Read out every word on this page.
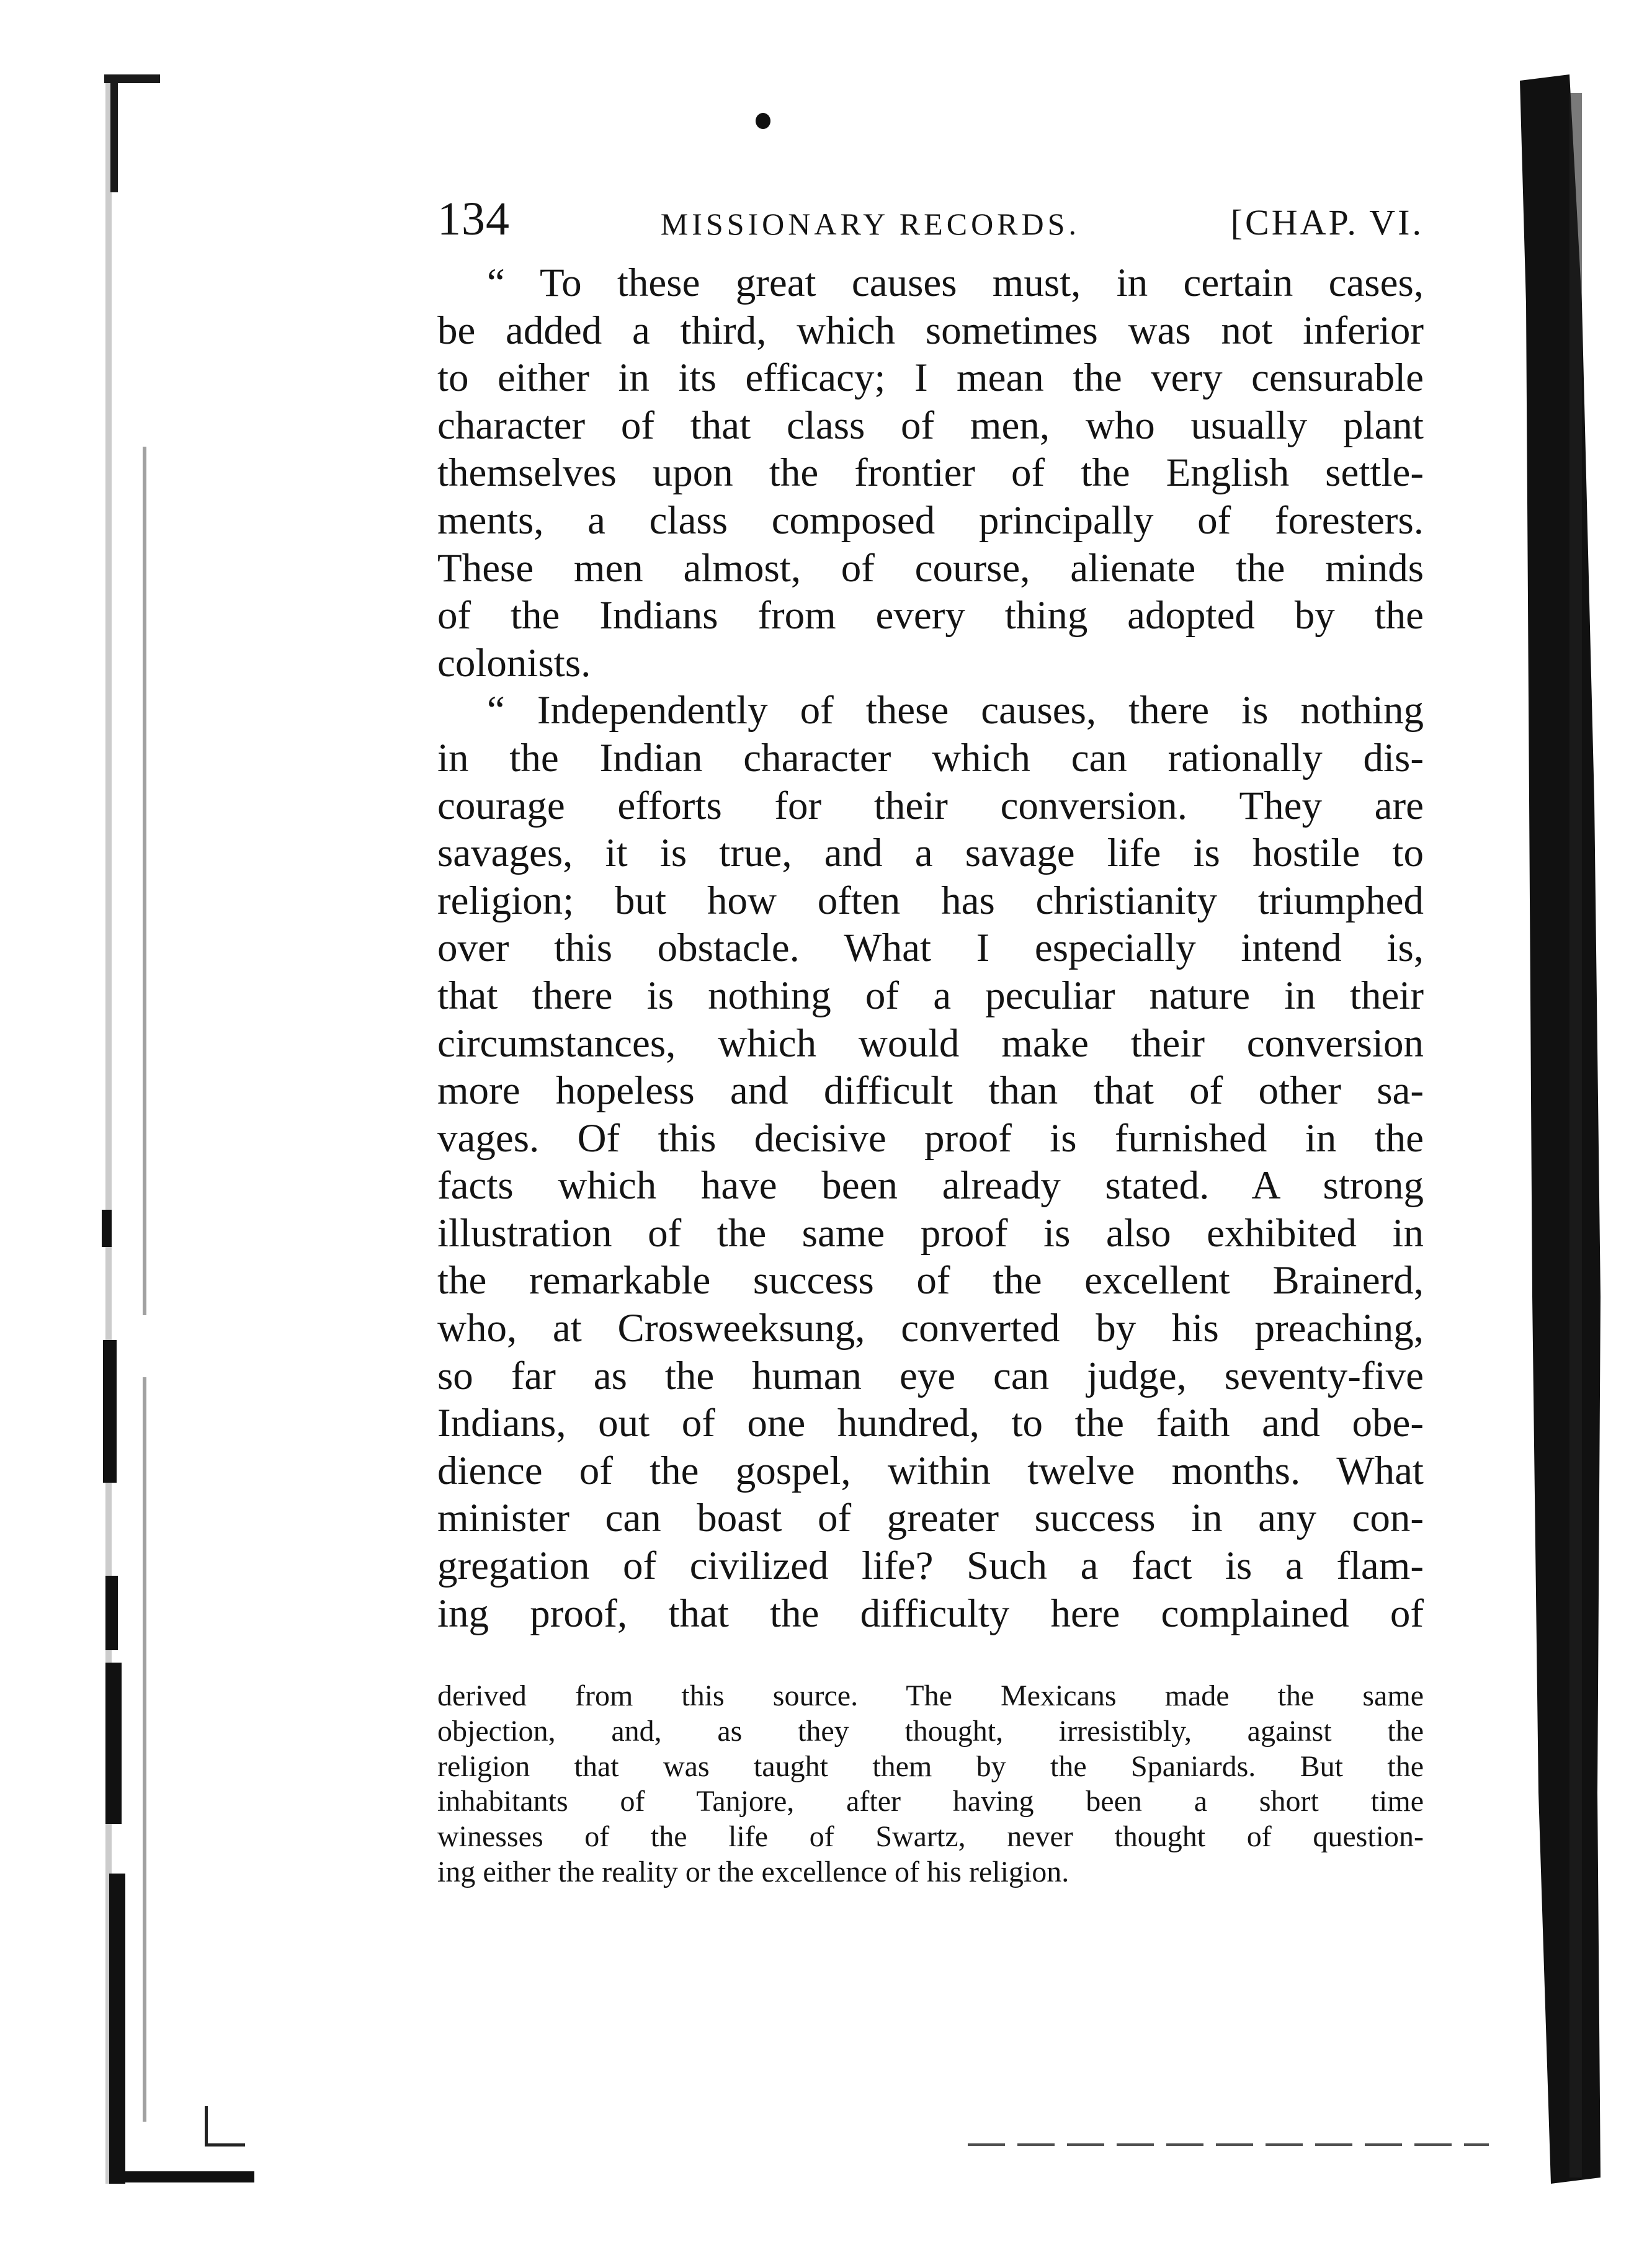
134	MISSIONARY RECORDS.	[CHAP. VI.
“ To these great causes must, in certain cases,
be added a third, which sometimes was not inferior
to either in its efficacy; I mean the very censurable
character of that class of men, who usually plant
themselves upon the frontier of the English settle-
ments, a class composed principally of foresters.
These men almost, of course, alienate the minds
of the Indians from every thing adopted by the
colonists.
“ Independently of these causes, there is nothing
in the Indian character which can rationally dis-
courage efforts for their conversion. They are
savages, it is true, and a savage life is hostile to
religion; but how often has christianity triumphed
over this obstacle. What I especially intend is,
that there is nothing of a peculiar nature in their
circumstances, which would make their conversion
more hopeless and difficult than that of other sa-
vages. Of this decisive proof is furnished in the
facts which have been already stated. A strong
illustration of the same proof is also exhibited in
the remarkable success of the excellent Brainerd,
who, at Crosweeksung, converted by his preaching,
so far as the human eye can judge, seventy-five
Indians, out of one hundred, to the faith and obe-
dience of the gospel, within twelve months. What
minister can boast of greater success in any con-
gregation of civilized life? Such a fact is a flam-
ing proof, that the difficulty here complained of
derived from this source. The Mexicans made the same
objection, and, as they thought, irresistibly, against the
religion that was taught them by the Spaniards. But the
inhabitants of Tanjore, after having been a short time
winesses of the life of Swartz, never thought of question-
ing either the reality or the excellence of his religion.
